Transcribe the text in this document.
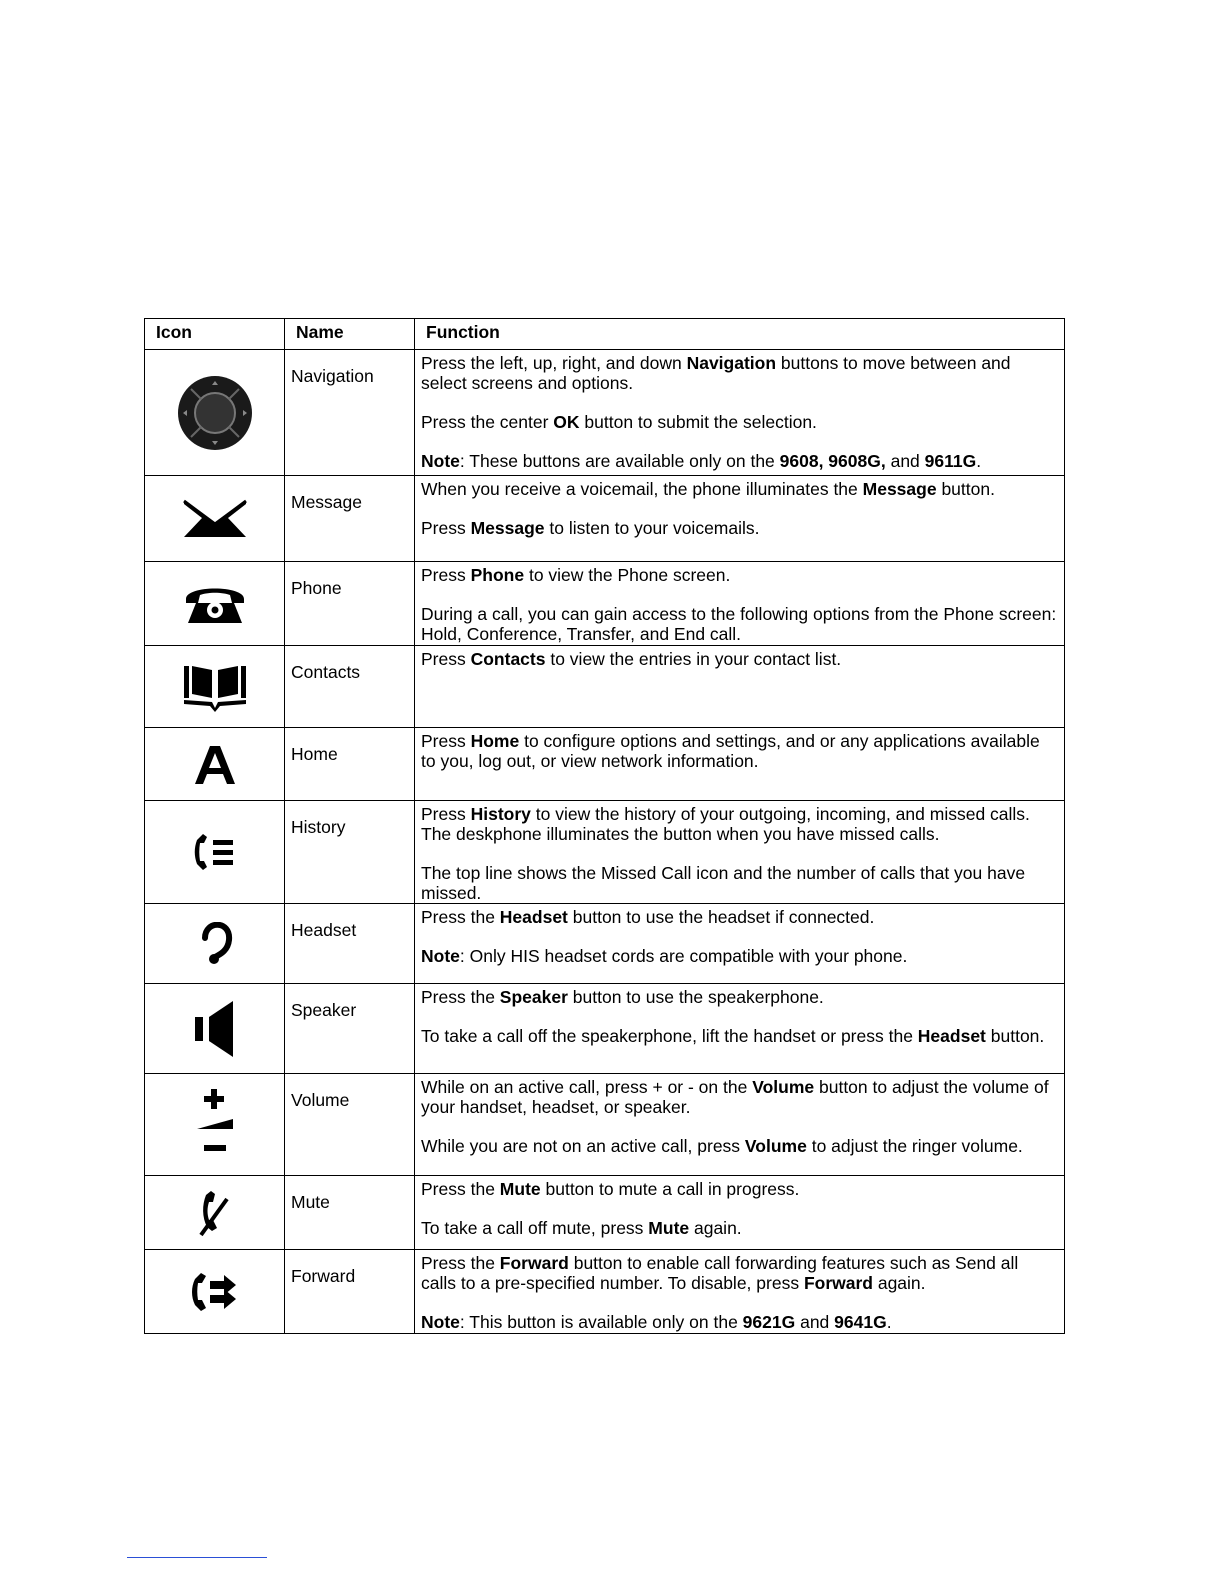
Icon	Name	Function

	Navigation	Press the left, up, right, and down Navigation buttons to move between and select screens and options.

Press the center OK button to submit the selection.

Note: These buttons are available only on the 9608, 9608G, and 9611G.

	Message	When you receive a voicemail, the phone illuminates the Message button.

Press Message to listen to your voicemails.

	Phone	Press Phone to view the Phone screen.

During a call, you can gain access to the following options from the Phone screen: Hold, Conference, Transfer, and End call.

	Contacts	Press Contacts to view the entries in your contact list.

	Home	Press Home to configure options and settings, and or any applications available to you, log out, or view network information.

	History	Press History to view the history of your outgoing, incoming, and missed calls. The deskphone illuminates the button when you have missed calls.

The top line shows the Missed Call icon and the number of calls that you have missed.

	Headset	Press the Headset button to use the headset if connected.

Note: Only HIS headset cords are compatible with your phone.

	Speaker	Press the Speaker button to use the speakerphone.

To take a call off the speakerphone, lift the handset or press the Headset button.

	Volume	While on an active call, press + or - on the Volume button to adjust the volume of your handset, headset, or speaker.

While you are not on an active call, press Volume to adjust the ringer volume.

	Mute	Press the Mute button to mute a call in progress.

To take a call off mute, press Mute again.

	Forward	Press the Forward button to enable call forwarding features such as Send all calls to a pre-specified number. To disable, press Forward again.

Note: This button is available only on the 9621G and 9641G.
